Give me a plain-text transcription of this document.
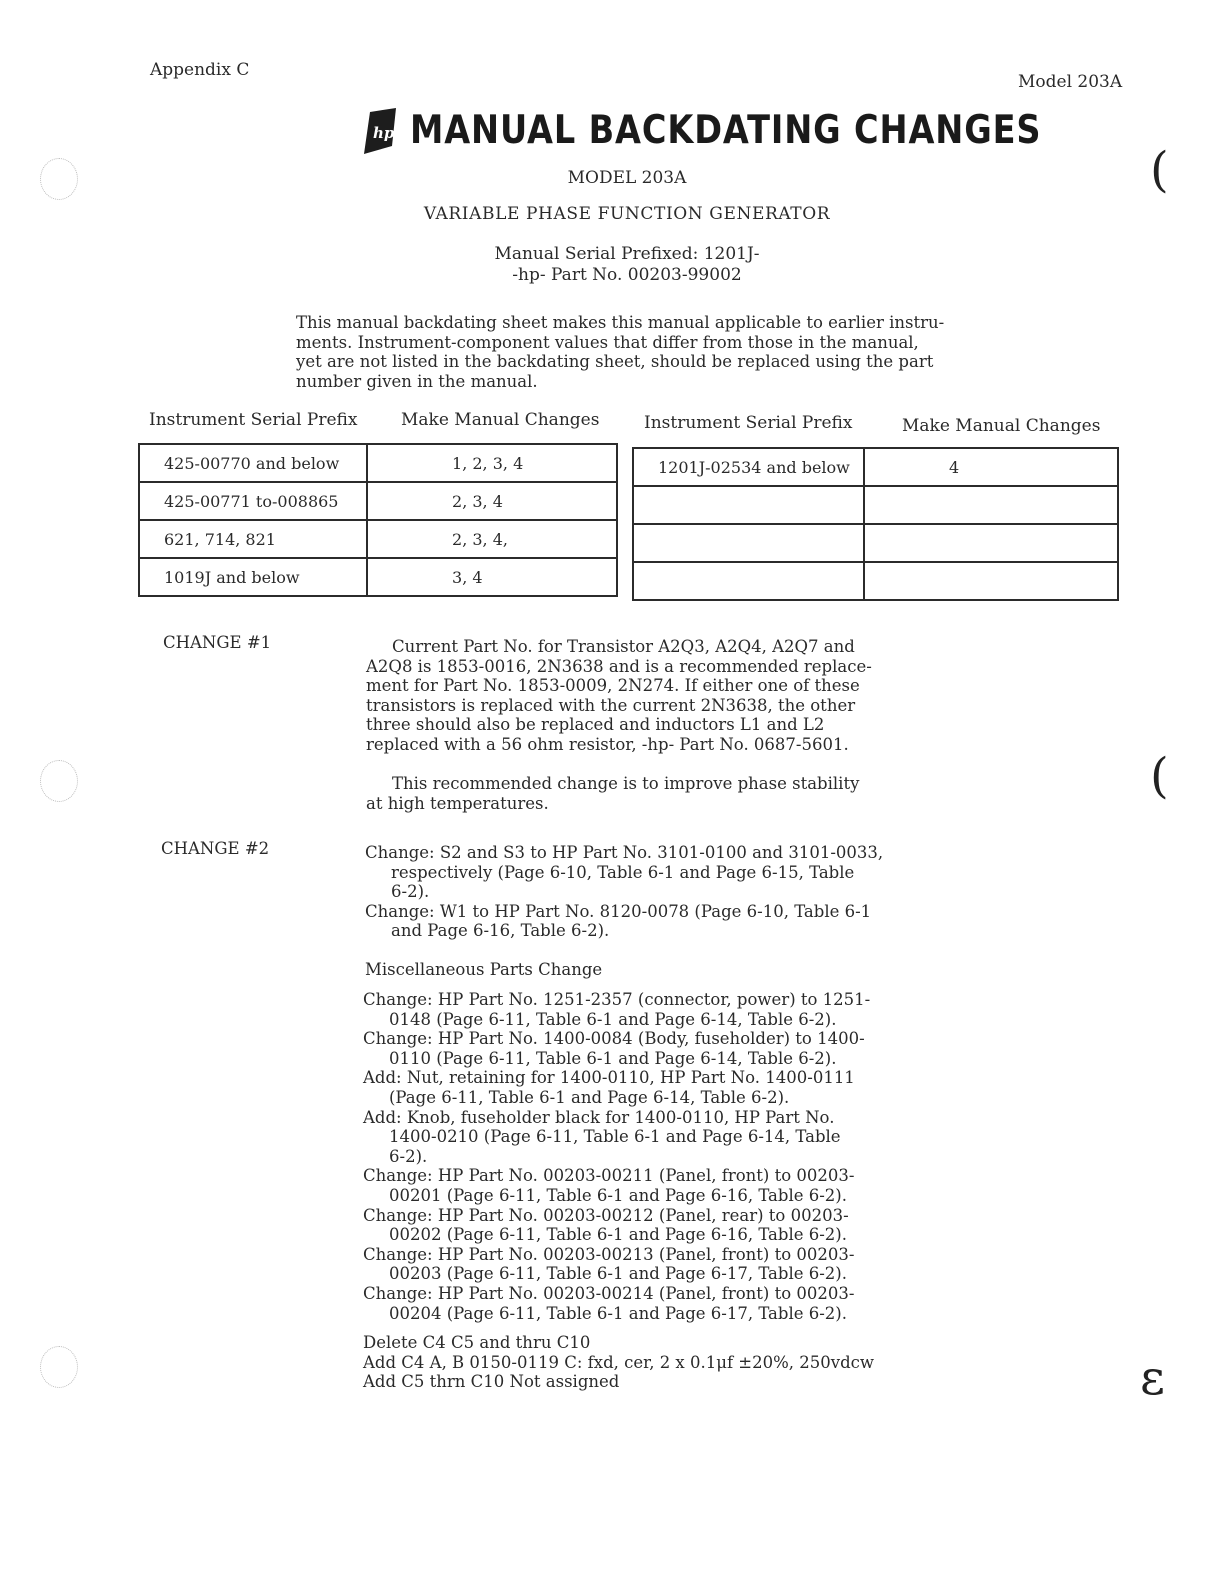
Appendix C
Model 203A
hp MANUAL BACKDATING CHANGES
MODEL 203A
VARIABLE PHASE FUNCTION GENERATOR
Manual Serial Prefixed: 1201J-
-hp- Part No. 00203-99002
This manual backdating sheet makes this manual applicable to earlier instru-
ments. Instrument-component values that differ from those in the manual,
yet are not listed in the backdating sheet, should be replaced using the part
number given in the manual.
Instrument Serial Prefix	Make Manual Changes	Instrument Serial Prefix	Make Manual Changes
425-00770 and below	1, 2, 3, 4
425-00771 to-008865	2, 3, 4
621, 714, 821	2, 3, 4,
1019J and below	3, 4
1201J-02534 and below	4

CHANGE #1	Current Part No. for Transistor A2Q3, A2Q4, A2Q7 and
A2Q8 is 1853-0016, 2N3638 and is a recommended replace-
ment for Part No. 1853-0009, 2N274. If either one of these
transistors is replaced with the current 2N3638, the other
three should also be replaced and inductors L1 and L2
replaced with a 56 ohm resistor, -hp- Part No. 0687-5601.
This recommended change is to improve phase stability
at high temperatures.
CHANGE #2	Change: S2 and S3 to HP Part No. 3101-0100 and 3101-0033,
respectively (Page 6-10, Table 6-1 and Page 6-15, Table
6-2).
Change: W1 to HP Part No. 8120-0078 (Page 6-10, Table 6-1
and Page 6-16, Table 6-2).
Miscellaneous Parts Change
Change: HP Part No. 1251-2357 (connector, power) to 1251-
0148 (Page 6-11, Table 6-1 and Page 6-14, Table 6-2).
Change: HP Part No. 1400-0084 (Body, fuseholder) to 1400-
0110 (Page 6-11, Table 6-1 and Page 6-14, Table 6-2).
Add: Nut, retaining for 1400-0110, HP Part No. 1400-0111
(Page 6-11, Table 6-1 and Page 6-14, Table 6-2).
Add: Knob, fuseholder black for 1400-0110, HP Part No.
1400-0210 (Page 6-11, Table 6-1 and Page 6-14, Table
6-2).
Change: HP Part No. 00203-00211 (Panel, front) to 00203-
00201 (Page 6-11, Table 6-1 and Page 6-16, Table 6-2).
Change: HP Part No. 00203-00212 (Panel, rear) to 00203-
00202 (Page 6-11, Table 6-1 and Page 6-16, Table 6-2).
Change: HP Part No. 00203-00213 (Panel, front) to 00203-
00203 (Page 6-11, Table 6-1 and Page 6-17, Table 6-2).
Change: HP Part No. 00203-00214 (Panel, front) to 00203-
00204 (Page 6-11, Table 6-1 and Page 6-17, Table 6-2).
Delete C4 C5 and thru C10
Add C4 A, B 0150-0119 C: fxd, cer, 2 x 0.1μf ±20%, 250vdcw
Add C5 thrn C10 Not assigned
(
(
ε
